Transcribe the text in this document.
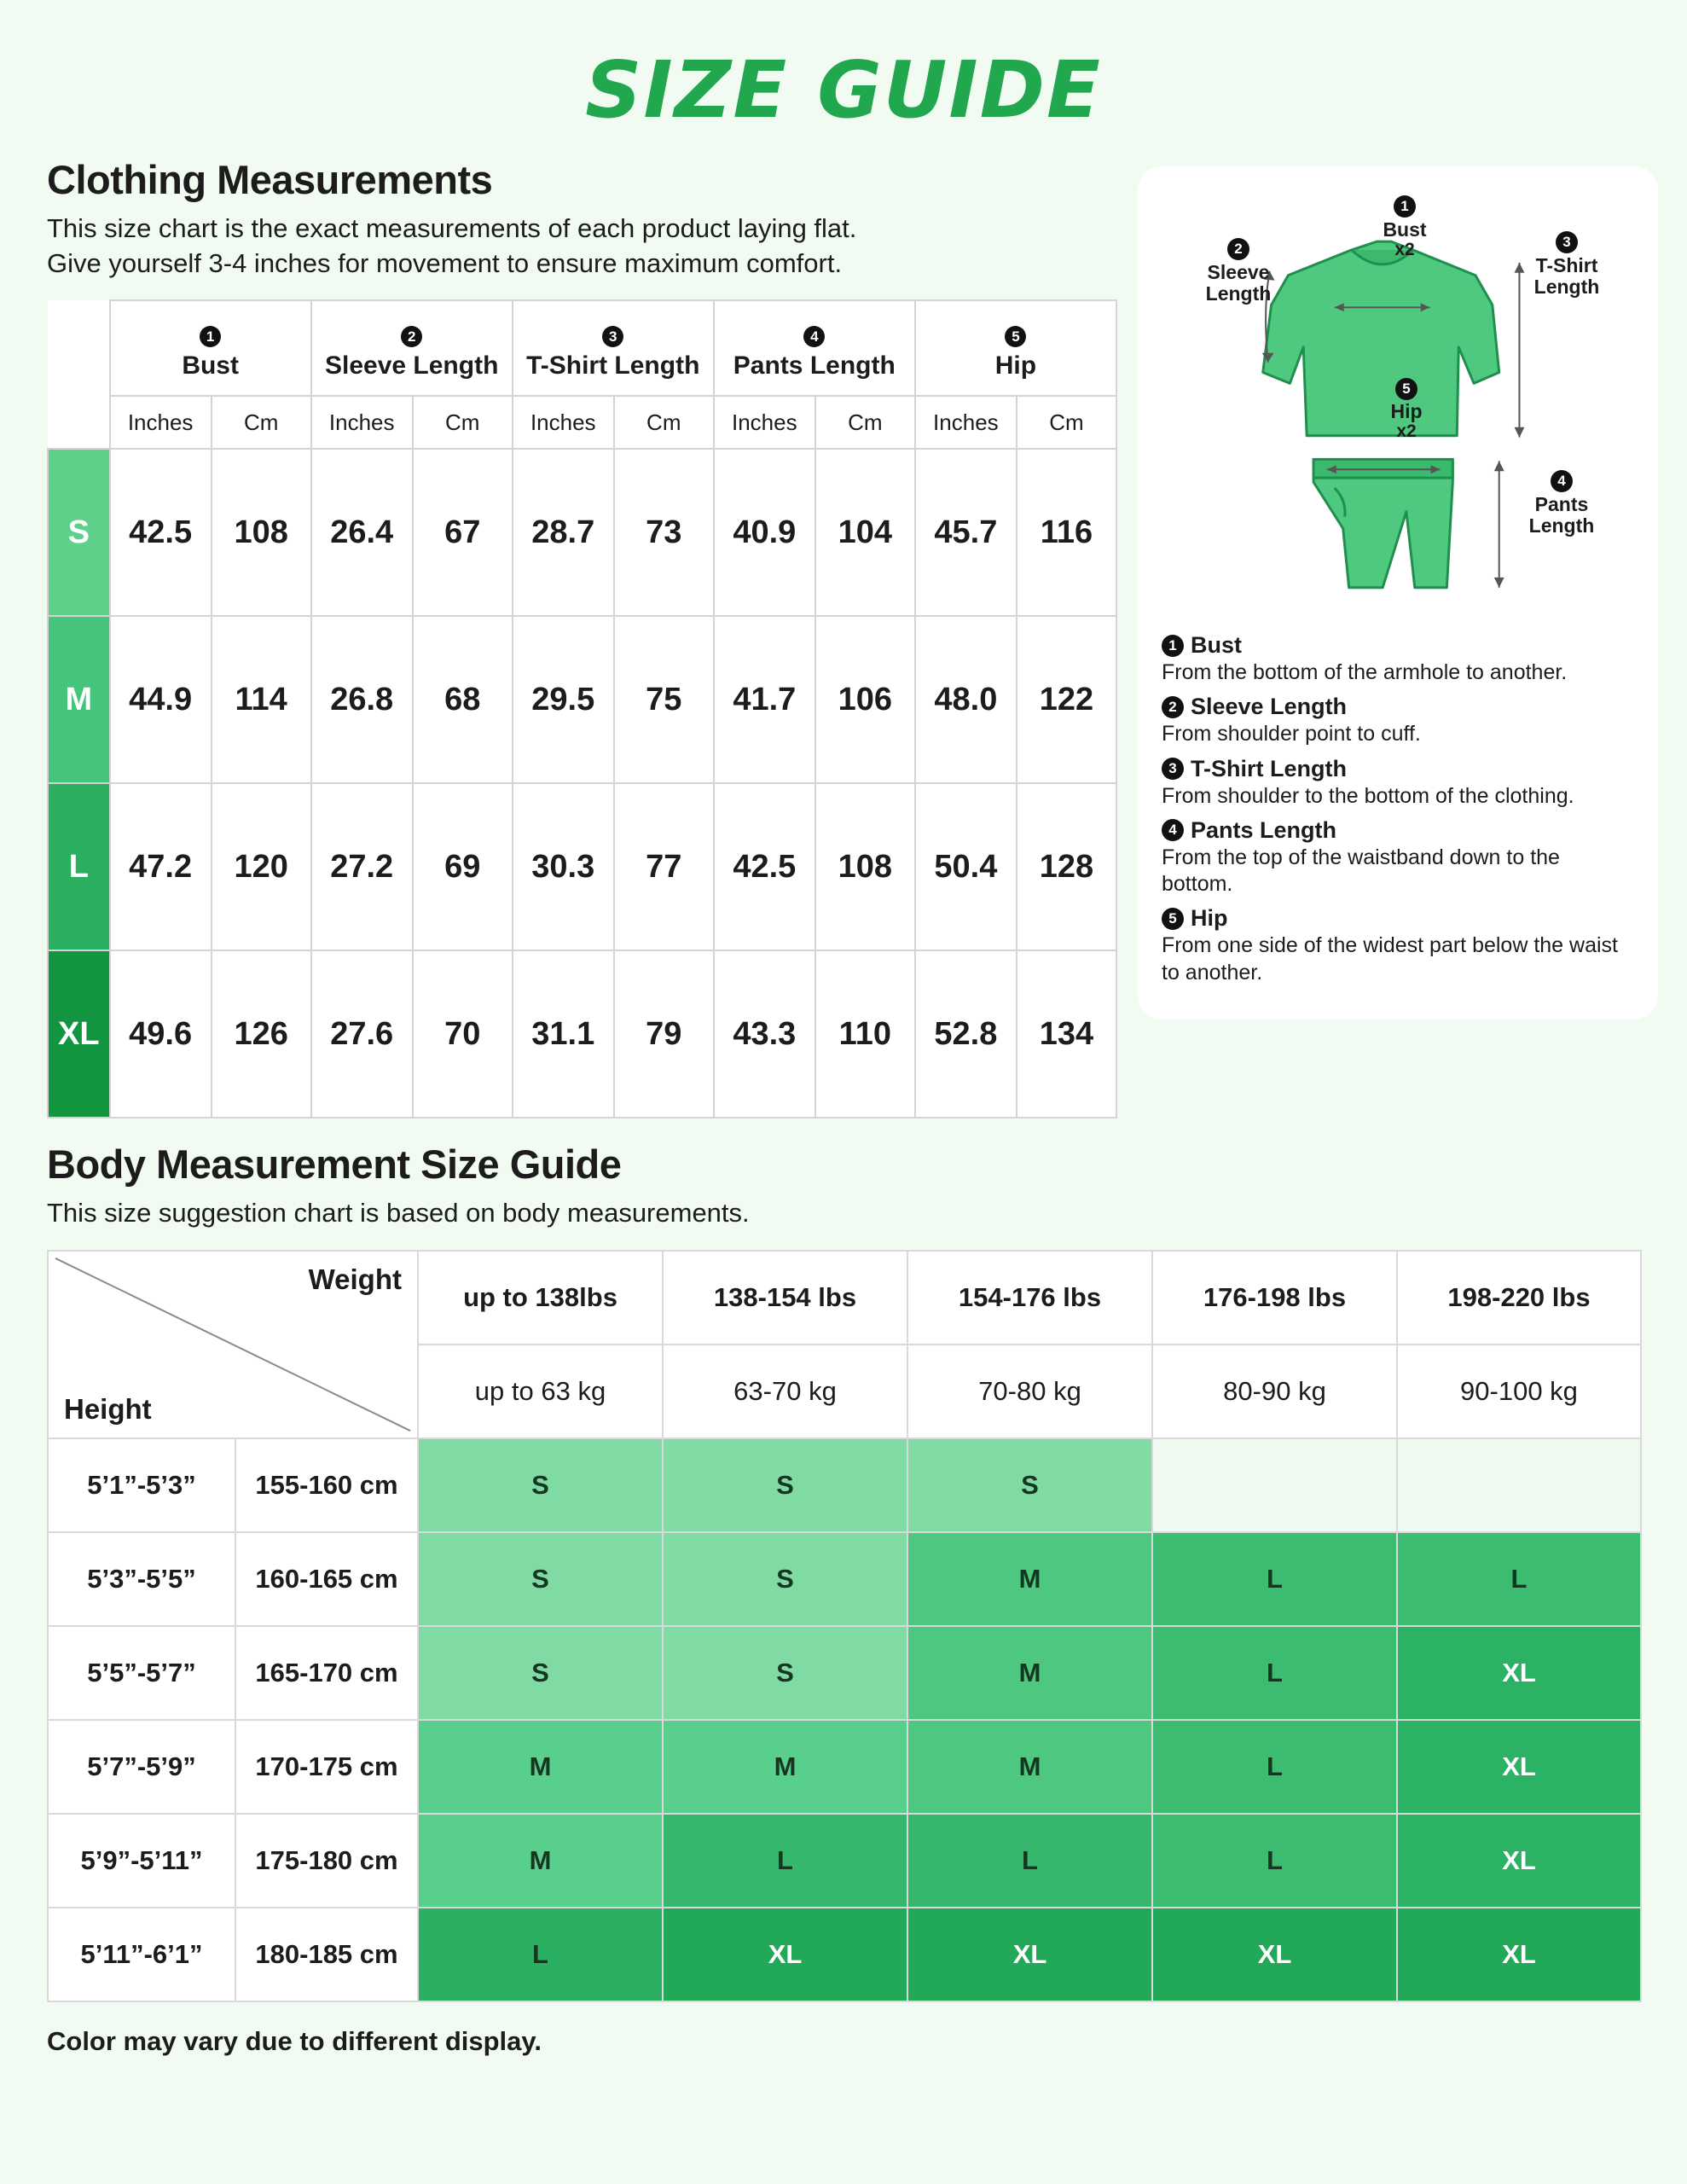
SIZE GUIDE
Clothing Measurements
This size chart is the exact measurements of each product laying flat.
Give yourself 3-4 inches for movement to ensure maximum comfort.
	1
Bust		2
Sleeve Length		3
T-Shirt Length		4
Pants Length		5
Hip	
	Inches	Cm	Inches	Cm	Inches	Cm	Inches	Cm	Inches	Cm
S	42.5	108	26.4	67	28.7	73	40.9	104	45.7	116
M	44.9	114	26.8	68	29.5	75	41.7	106	48.0	122
L	47.2	120	27.2	69	30.3	77	42.5	108	50.4	128
XL	49.6	126	27.6	70	31.1	79	43.3	110	52.8	134
1
Bust
x2
2
Sleeve
Length
3
T-Shirt
Length
5
Hip
x2
4
Pants
Length
1 Bust
From the bottom of the armhole to another.
2 Sleeve Length
From shoulder point to cuff.
3 T-Shirt Length
From shoulder to the bottom of the clothing.
4 Pants Length
From the top of the waistband down to the bottom.
5 Hip
From one side of the widest part below the waist to another.
Body Measurement Size Guide
This size suggestion chart is based on body measurements.
Weight
Height		up to 138lbs	138-154 lbs	154-176 lbs	176-198 lbs	198-220 lbs
		up to 63 kg	63-70 kg	70-80 kg	80-90 kg	90-100 kg
5’1”-5’3”	155-160 cm	S	S	S		
5’3”-5’5”	160-165 cm	S	S	M	L	L
5’5”-5’7”	165-170 cm	S	S	M	L	XL
5’7”-5’9”	170-175 cm	M	M	M	L	XL
5’9”-5’11”	175-180 cm	M	L	L	L	XL
5’11”-6’1”	180-185 cm	L	XL	XL	XL	XL
Color may vary due to different display.
